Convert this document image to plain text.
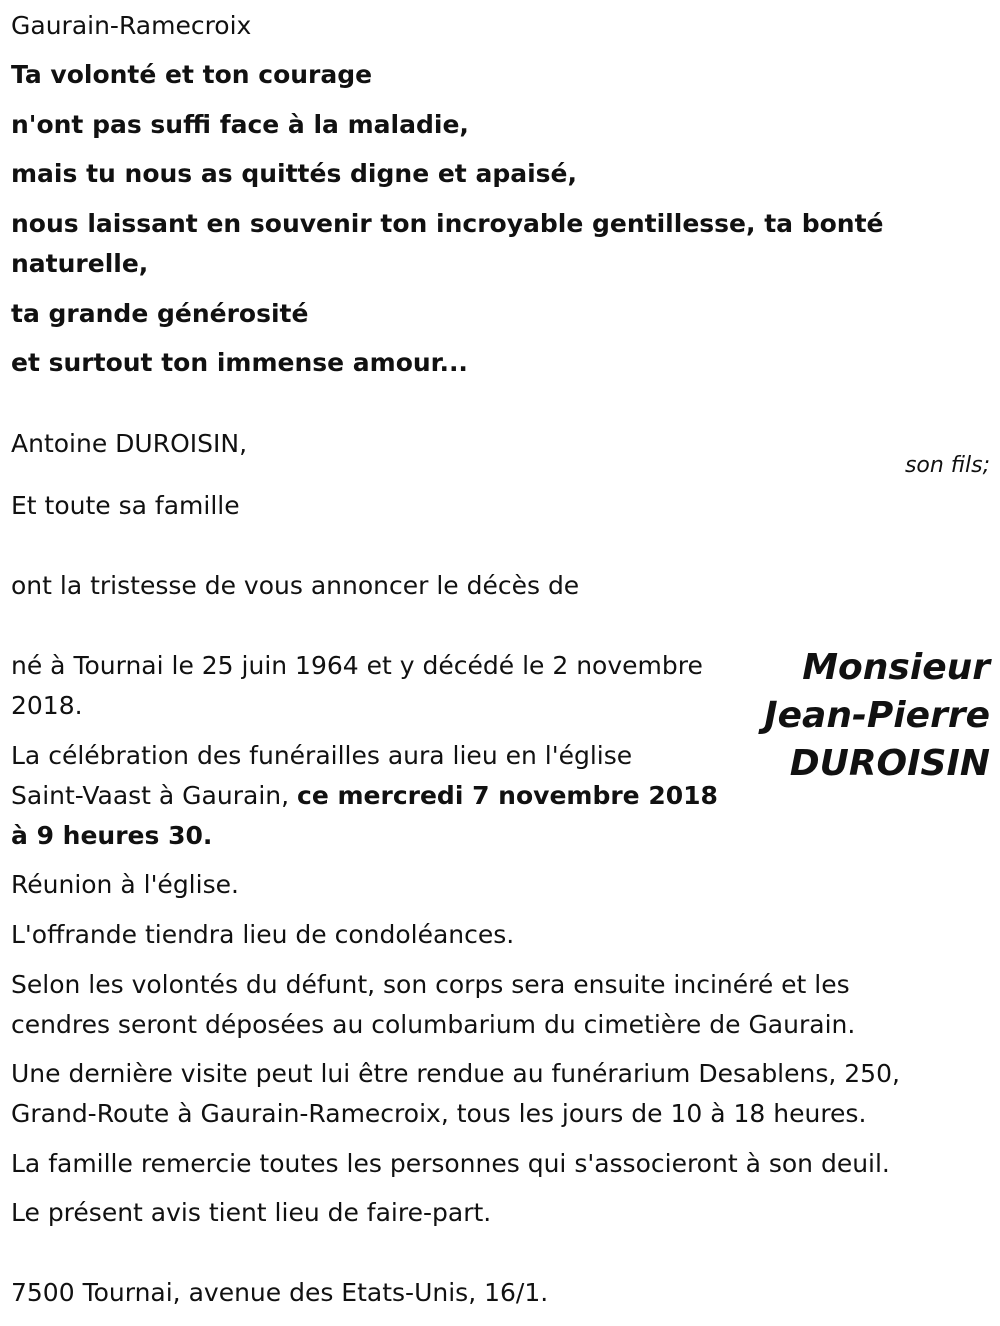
Gaurain-Ramecroix

Ta volonté et ton courage

n'ont pas suffi face à la maladie,

mais tu nous as quittés digne et apaisé,

nous laissant en souvenir ton incroyable gentillesse, ta bonté naturelle,

ta grande générosité

et surtout ton immense amour...

Antoine DUROISIN,

son fils;

Et toute sa famille

ont la tristesse de vous annoncer le décès de

né à Tournai le 25 juin 1964 et y décédé le 2 novembre

2018.

Monsieur
Jean-Pierre
DUROISIN

La célébration des funérailles aura lieu en l'église

Saint-Vaast à Gaurain, ce mercredi 7 novembre 2018

à 9 heures 30.

Réunion à l'église.

L'offrande tiendra lieu de condoléances.

Selon les volontés du défunt, son corps sera ensuite incinéré et les

cendres seront déposées au columbarium du cimetière de Gaurain.

Une dernière visite peut lui être rendue au funérarium Desablens, 250,

Grand-Route à Gaurain-Ramecroix, tous les jours de 10 à 18 heures.

La famille remercie toutes les personnes qui s'associeront à son deuil.

Le présent avis tient lieu de faire-part.

7500 Tournai, avenue des Etats-Unis, 16/1.
